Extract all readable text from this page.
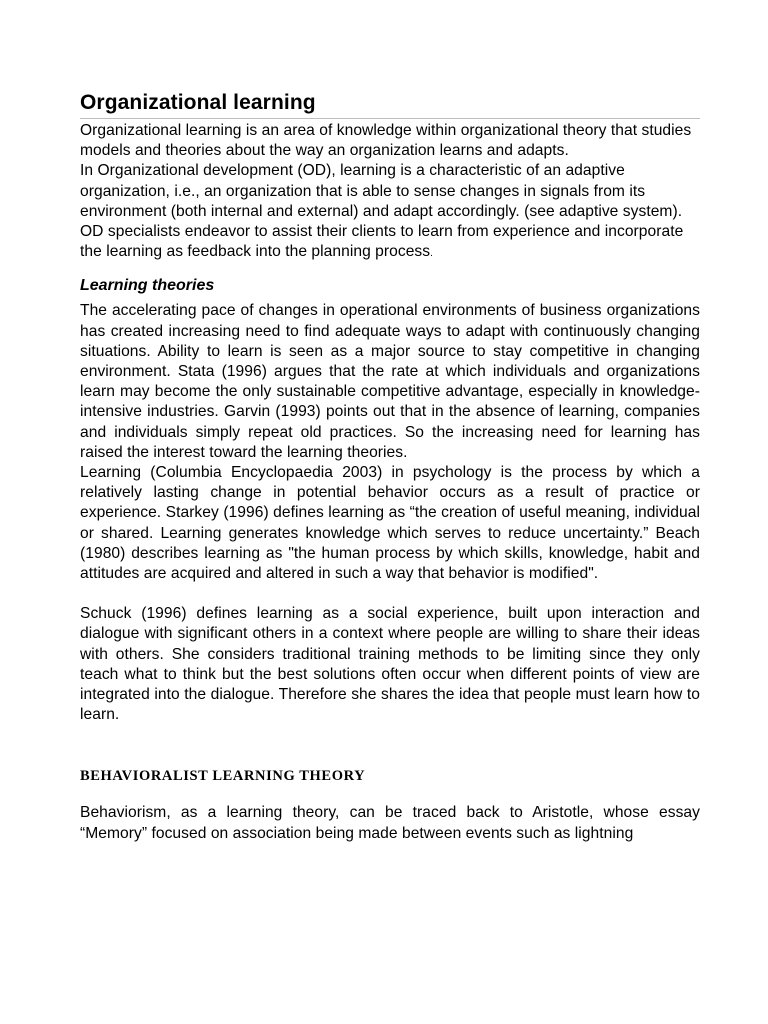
Organizational learning

Organizational learning is an area of knowledge within organizational theory that studies models and theories about the way an organization learns and adapts.

In Organizational development (OD), learning is a characteristic of an adaptive organization, i.e., an organization that is able to sense changes in signals from its environment (both internal and external) and adapt accordingly. (see adaptive system). OD specialists endeavor to assist their clients to learn from experience and incorporate the learning as feedback into the planning process.

Learning theories

The accelerating pace of changes in operational environments of business organizations has created increasing need to find adequate ways to adapt with continuously changing situations. Ability to learn is seen as a major source to stay competitive in changing environment. Stata (1996) argues that the rate at which individuals and organizations learn may become the only sustainable competitive advantage, especially in knowledge-intensive industries. Garvin (1993) points out that in the absence of learning, companies and individuals simply repeat old practices. So the increasing need for learning has raised the interest toward the learning theories.

Learning (Columbia Encyclopaedia 2003) in psychology is the process by which a relatively lasting change in potential behavior occurs as a result of practice or experience. Starkey (1996) defines learning as “the creation of useful meaning, individual or shared. Learning generates knowledge which serves to reduce uncertainty.” Beach (1980) describes learning as "the human process by which skills, knowledge, habit and attitudes are acquired and altered in such a way that behavior is modified".

Schuck (1996) defines learning as a social experience, built upon interaction and dialogue with significant others in a context where people are willing to share their ideas with others. She considers traditional training methods to be limiting since they only teach what to think but the best solutions often occur when different points of view are integrated into the dialogue. Therefore she shares the idea that people must learn how to learn.

BEHAVIORALIST LEARNING THEORY

Behaviorism, as a learning theory, can be traced back to Aristotle, whose essay “Memory” focused on association being made between events such as lightning
